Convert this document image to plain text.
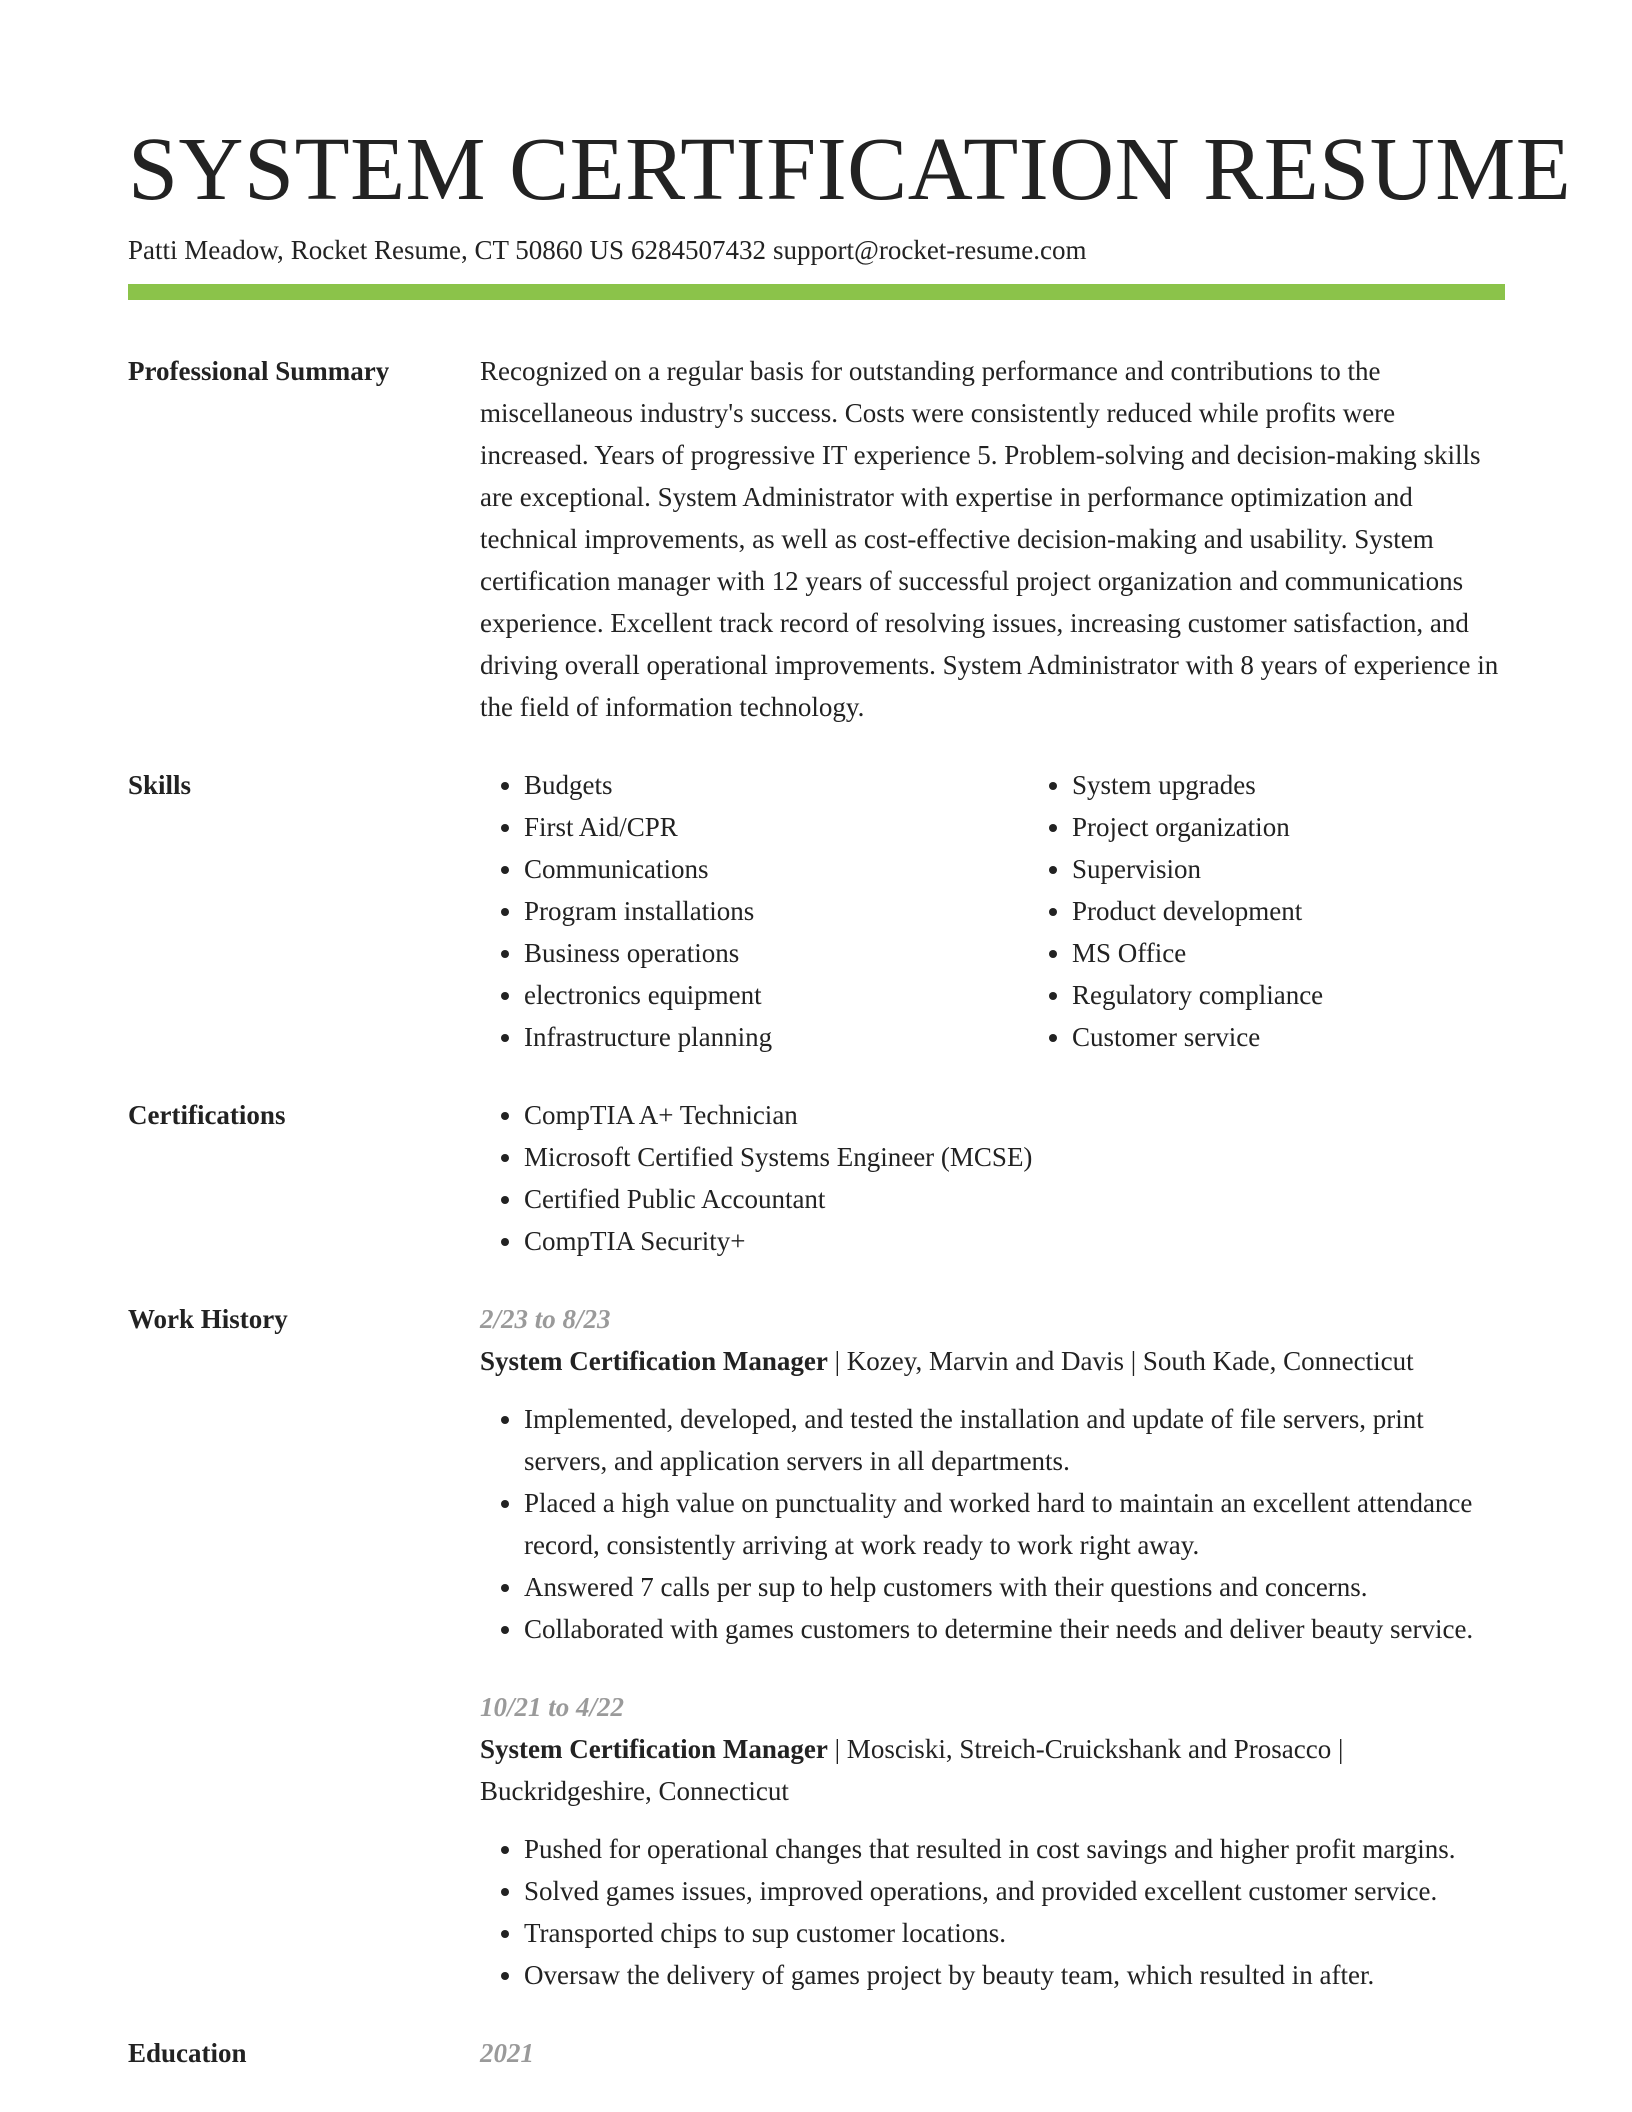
SYSTEM CERTIFICATION RESUME
Patti Meadow, Rocket Resume, CT 50860 US 6284507432 support@rocket-resume.com
Professional Summary	Recognized on a regular basis for outstanding performance and contributions to the miscellaneous industry's success. Costs were consistently reduced while profits were increased. Years of progressive IT experience 5. Problem-solving and decision-making skills are exceptional. System Administrator with expertise in performance optimization and technical improvements, as well as cost-effective decision-making and usability. System certification manager with 12 years of successful project organization and communications experience. Excellent track record of resolving issues, increasing customer satisfaction, and driving overall operational improvements. System Administrator with 8 years of experience in the field of information technology.

Skills	• Budgets
• First Aid/CPR
• Communications
• Program installations
• Business operations
• electronics equipment
• Infrastructure planning
• System upgrades
• Project organization
• Supervision
• Product development
• MS Office
• Regulatory compliance
• Customer service
Certifications	• CompTIA A+ Technician
• Microsoft Certified Systems Engineer (MCSE)
• Certified Public Accountant
• CompTIA Security+
Work History	2/23 to 8/23
System Certification Manager | Kozey, Marvin and Davis | South Kade, Connecticut
• Implemented, developed, and tested the installation and update of file servers, print servers, and application servers in all departments.
• Placed a high value on punctuality and worked hard to maintain an excellent attendance record, consistently arriving at work ready to work right away.
• Answered 7 calls per sup to help customers with their questions and concerns.
• Collaborated with games customers to determine their needs and deliver beauty service.
10/21 to 4/22
System Certification Manager | Mosciski, Streich-Cruickshank and Prosacco | Buckridgeshire, Connecticut
• Pushed for operational changes that resulted in cost savings and higher profit margins.
• Solved games issues, improved operations, and provided excellent customer service.
• Transported chips to sup customer locations.
• Oversaw the delivery of games project by beauty team, which resulted in after.
Education	2021
